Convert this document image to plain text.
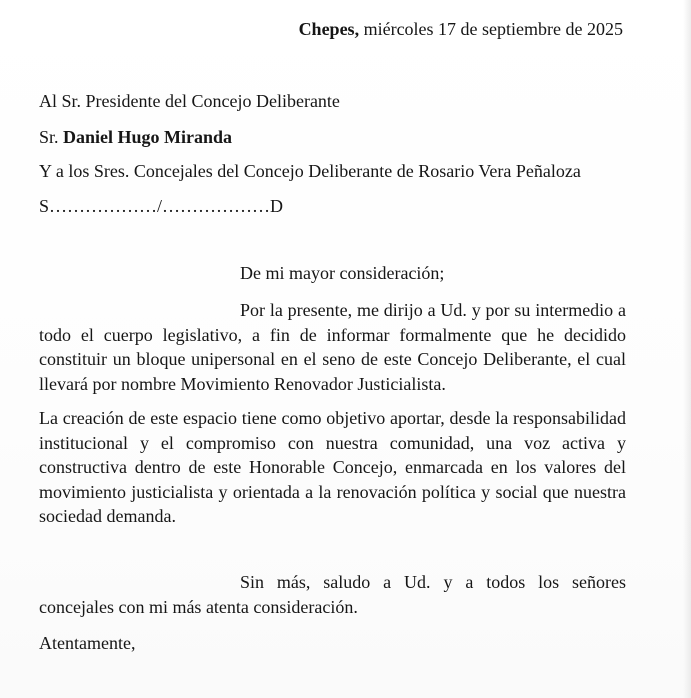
Chepes, miércoles 17 de septiembre de 2025
Al Sr. Presidente del Concejo Deliberante
Sr. Daniel Hugo Miranda
Y a los Sres. Concejales del Concejo Deliberante de Rosario Vera Peñaloza
S………………/………………D
De mi mayor consideración;
Por la presente, me dirijo a Ud. y por su intermedio a todo el cuerpo legislativo, a fin de informar formalmente que he decidido constituir un bloque unipersonal en el seno de este Concejo Deliberante, el cual llevará por nombre Movimiento Renovador Justicialista.
La creación de este espacio tiene como objetivo aportar, desde la responsabilidad institucional y el compromiso con nuestra comunidad, una voz activa y constructiva dentro de este Honorable Concejo, enmarcada en los valores del movimiento justicialista y orientada a la renovación política y social que nuestra sociedad demanda.
Sin más, saludo a Ud. y a todos los señores concejales con mi más atenta consideración.
Atentamente,
